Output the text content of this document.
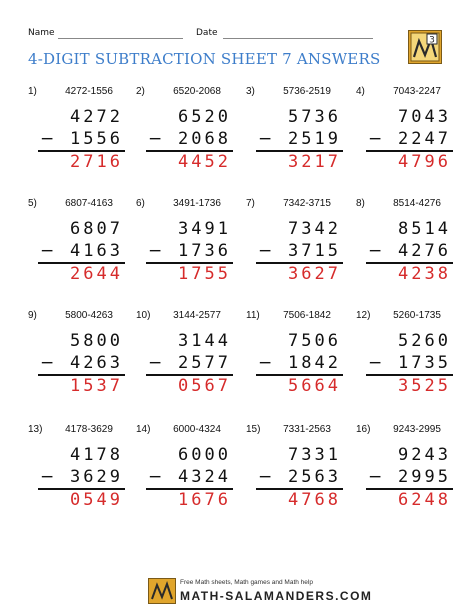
Name	Date
4-DIGIT SUBTRACTION SHEET 7 ANSWERS
3
1)	4272-1556
4272
− 1556
2716
2)	6520-2068
6520
− 2068
4452
3)	5736-2519
5736
− 2519
3217
4)	7043-2247
7043
− 2247
4796
5)	6807-4163
6807
− 4163
2644
6)	3491-1736
3491
− 1736
1755
7)	7342-3715
7342
− 3715
3627
8)	8514-4276
8514
− 4276
4238
9)	5800-4263
5800
− 4263
1537
10)	3144-2577
3144
− 2577
0567
11)	7506-1842
7506
− 1842
5664
12)	5260-1735
5260
− 1735
3525
13)	4178-3629
4178
− 3629
0549
14)	6000-4324
6000
− 4324
1676
15)	7331-2563
7331
− 2563
4768
16)	9243-2995
9243
− 2995
6248
Free Math sheets, Math games and Math help
MATH-SALAMANDERS.COM
